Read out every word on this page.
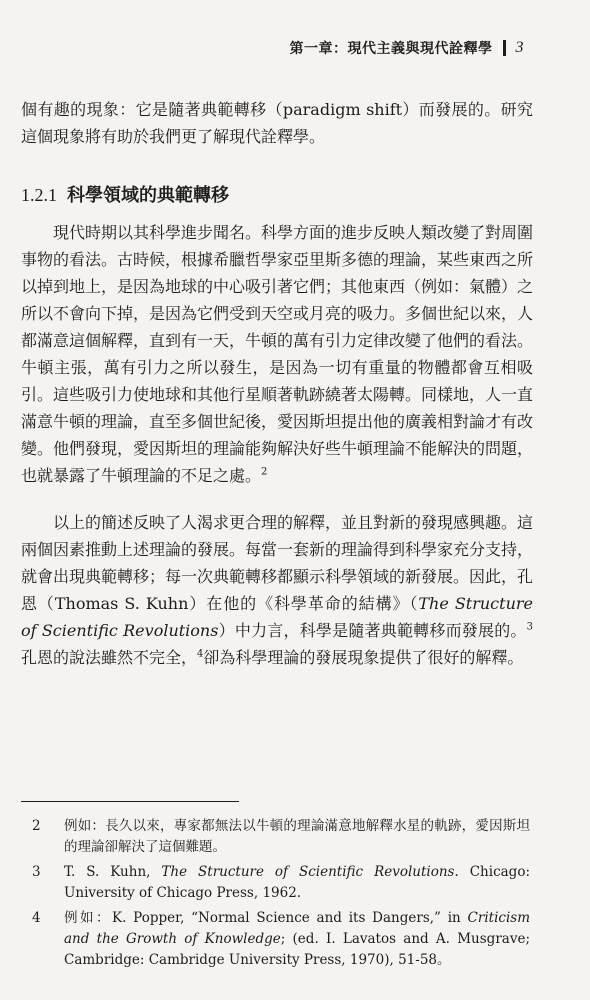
第一章：現代主義與現代詮釋學 3

個有趣的現象：它是隨著典範轉移（paradigm shift）而發展的。研究這個現象將有助於我們更了解現代詮釋學。

1.2.1 科學領域的典範轉移

現代時期以其科學進步聞名。科學方面的進步反映人類改變了對周圍事物的看法。古時候，根據希臘哲學家亞里斯多德的理論，某些東西之所以掉到地上，是因為地球的中心吸引著它們；其他東西（例如：氣體）之所以不會向下掉，是因為它們受到天空或月亮的吸力。多個世紀以來，人都滿意這個解釋，直到有一天，牛頓的萬有引力定律改變了他們的看法。牛頓主張，萬有引力之所以發生，是因為一切有重量的物體都會互相吸引。這些吸引力使地球和其他行星順著軌跡繞著太陽轉。同樣地，人一直滿意牛頓的理論，直至多個世紀後，愛因斯坦提出他的廣義相對論才有改變。他們發現，愛因斯坦的理論能夠解決好些牛頓理論不能解決的問題，也就暴露了牛頓理論的不足之處。$^2$

以上的簡述反映了人渴求更合理的解釋，並且對新的發現感興趣。這兩個因素推動上述理論的發展。每當一套新的理論得到科學家充分支持，就會出現典範轉移；每一次典範轉移都顯示科學領域的新發展。因此，孔恩（Thomas S. Kuhn）在他的《科學革命的結構》（The Structure of Scientific Revolutions）中力言，科學是隨著典範轉移而發展的。$^3$孔恩的說法雖然不完全，$^4$卻為科學理論的發展現象提供了很好的解釋。

2	例如：長久以來，專家都無法以牛頓的理論滿意地解釋水星的軌跡，愛因斯坦的理論卻解決了這個難題。
3	T. S. Kuhn, The Structure of Scientific Revolutions. Chicago: University of Chicago Press, 1962.
4	例如：K. Popper, “Normal Science and its Dangers,” in Criticism and the Growth of Knowledge; (ed. I. Lavatos and A. Musgrave; Cambridge: Cambridge University Press, 1970), 51-58。
